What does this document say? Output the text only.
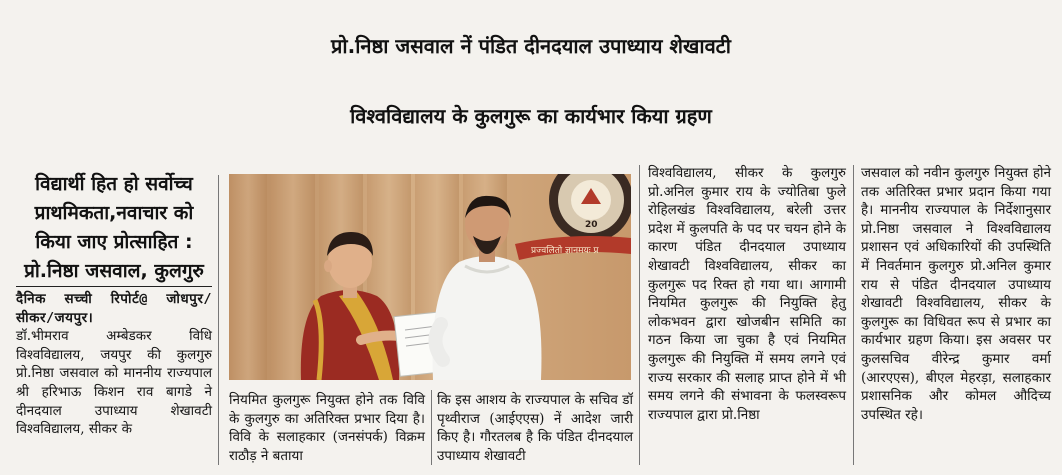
. . . . . . . . . . . . . . . . . . . . . . . . . . . . . . . . .
प्रो.निष्ठा जसवाल नें पंडित दीनदयाल उपाध्याय शेखावटी
विश्वविद्यालय के कुलगुरू का कार्यभार किया ग्रहण
विद्यार्थी हित हो सर्वोच्च
प्राथमिकता,नवाचार को
किया जाए प्रोत्साहित :
प्रो.निष्ठा जसवाल, कुलगुरु

दैनिक सच्ची रिपोर्ट@ जोधपुर/सीकर/जयपुर।

डॉ.भीमराव अम्बेडकर विधि विश्वविद्यालय, जयपुर की कुलगुरु प्रो.निष्ठा जसवाल को माननीय राज्यपाल श्री हरिभाऊ किशन राव बागडे ने दीनदयाल उपाध्याय शेखावटी विश्वविद्यालय, सीकर के

20
प्रज्वलितो ज्ञानमयः प्र

नियमित कुलगुरू नियुक्त होने तक विवि के कुलगुरु का अतिरिक्त प्रभार दिया है। विवि के सलाहकार (जनसंपर्क) विक्रम राठौड़ ने बताया

कि इस आशय के राज्यपाल के सचिव डॉ पृथ्वीराज (आईएएस) नें आदेश जारी किए है। गौरतलब है कि पंडित दीनदयाल उपाध्याय शेखावटी

विश्वविद्यालय, सीकर के कुलगुरु प्रो.अनिल कुमार राय के ज्योतिबा फुले रोहिलखंड विश्वविद्यालय, बरेली उत्तर प्रदेश में कुलपति के पद पर चयन होने के कारण पंडित दीनदयाल उपाध्याय शेखावटी विश्वविद्यालय, सीकर का कुलगुरू पद रिक्त हो गया था। आगामी नियमित कुलगुरू की नियुक्ति हेतु लोकभवन द्वारा खोजबीन समिति का गठन किया जा चुका है एवं नियमित कुलगुरू की नियुक्ति में समय लगने एवं राज्य सरकार की सलाह प्राप्त होने में भी समय लगने की संभावना के फलस्वरूप राज्यपाल द्वारा प्रो.निष्ठा

जसवाल को नवीन कुलगुरु नियुक्त होने तक अतिरिक्त प्रभार प्रदान किया गया है। माननीय राज्यपाल के निर्देशानुसार प्रो.निष्ठा जसवाल ने विश्वविद्यालय प्रशासन एवं अधिकारियों की उपस्थिति में निवर्तमान कुलगुरु प्रो.अनिल कुमार राय से पंडित दीनदयाल उपाध्याय शेखावटी विश्वविद्यालय, सीकर के कुलगुरू का विधिवत रूप से प्रभार का कार्यभार ग्रहण किया। इस अवसर पर कुलसचिव वीरेन्द्र कुमार वर्मा (आरएएस), बीएल मेहरड़ा, सलाहकार प्रशासनिक और कोमल औदिच्य उपस्थित रहे।
